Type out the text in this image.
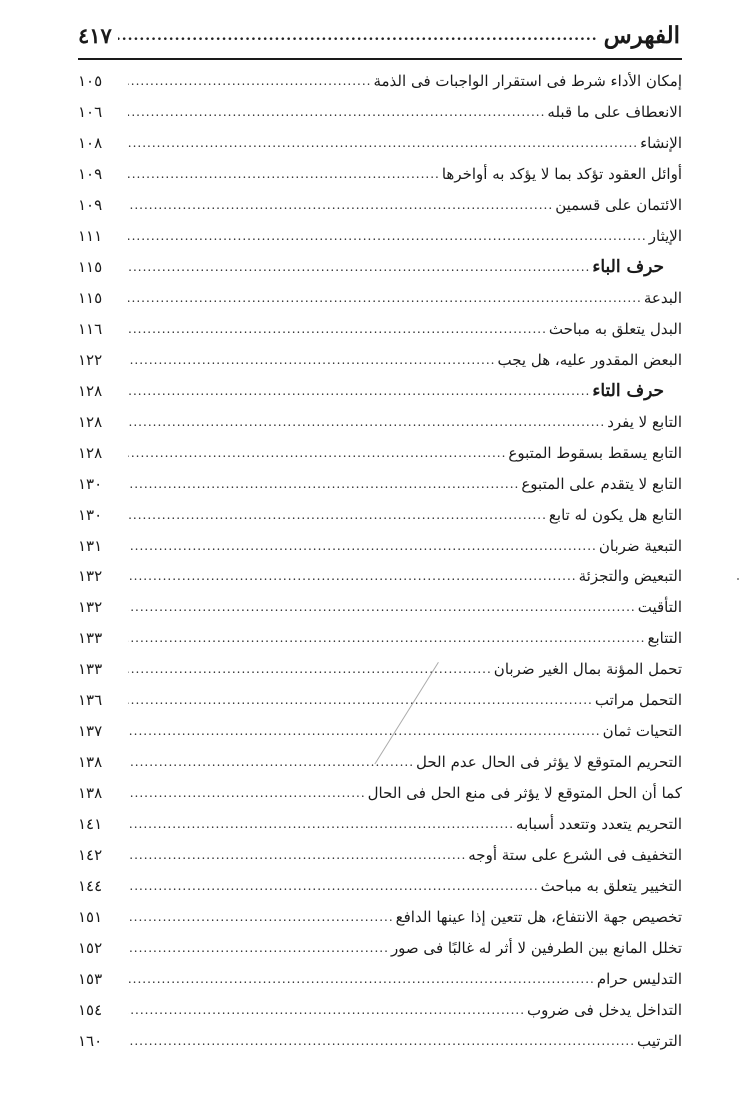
الفهرس
.....
٤١٧
إمكان الأداء شرط فى استقرار الواجبات فى الذمة
.....
١٠٥
الانعطاف على ما قبله
.....
١٠٦
الإنشاء
.....
١٠٨
أوائل العقود تؤكد بما لا يؤكد به أواخرها
.....
١٠٩
الائتمان على قسمين
.....
١٠٩
الإيثار
.....
١١١
حرف الباء
.....
١١٥
البدعة
.....
١١٥
البدل يتعلق به مباحث
.....
١١٦
البعض المقدور عليه، هل يجب
.....
١٢٢
حرف التاء
.....
١٢٨
التابع لا يفرد
.....
١٢٨
التابع يسقط بسقوط المتبوع
.....
١٢٨
التابع لا يتقدم على المتبوع
.....
١٣٠
التابع هل يكون له تابع
.....
١٣٠
التبعية ضربان
.....
١٣١
التبعيض والتجزئة
.....
١٣٢
التأقيت
.....
١٣٢
التتابع
.....
١٣٣
تحمل المؤنة بمال الغير ضربان
.....
١٣٣
التحمل مراتب
.....
١٣٦
التحيات ثمان
.....
١٣٧
التحريم المتوقع لا يؤثر فى الحال عدم الحل
.....
١٣٨
كما أن الحل المتوقع لا يؤثر فى منع الحل فى الحال
.....
١٣٨
التحريم يتعدد وتتعدد أسبابه
.....
١٤١
التخفيف فى الشرع على ستة أوجه
.....
١٤٢
التخيير يتعلق به مباحث
.....
١٤٤
تخصيص جهة الانتفاع، هل تتعين إذا عينها الدافع
.....
١٥١
تخلل المانع بين الطرفين لا أثر له غالبًا فى صور
.....
١٥٢
التدليس حرام
.....
١٥٣
التداخل يدخل فى ضروب
.....
١٥٤
الترتيب
.....
١٦٠
